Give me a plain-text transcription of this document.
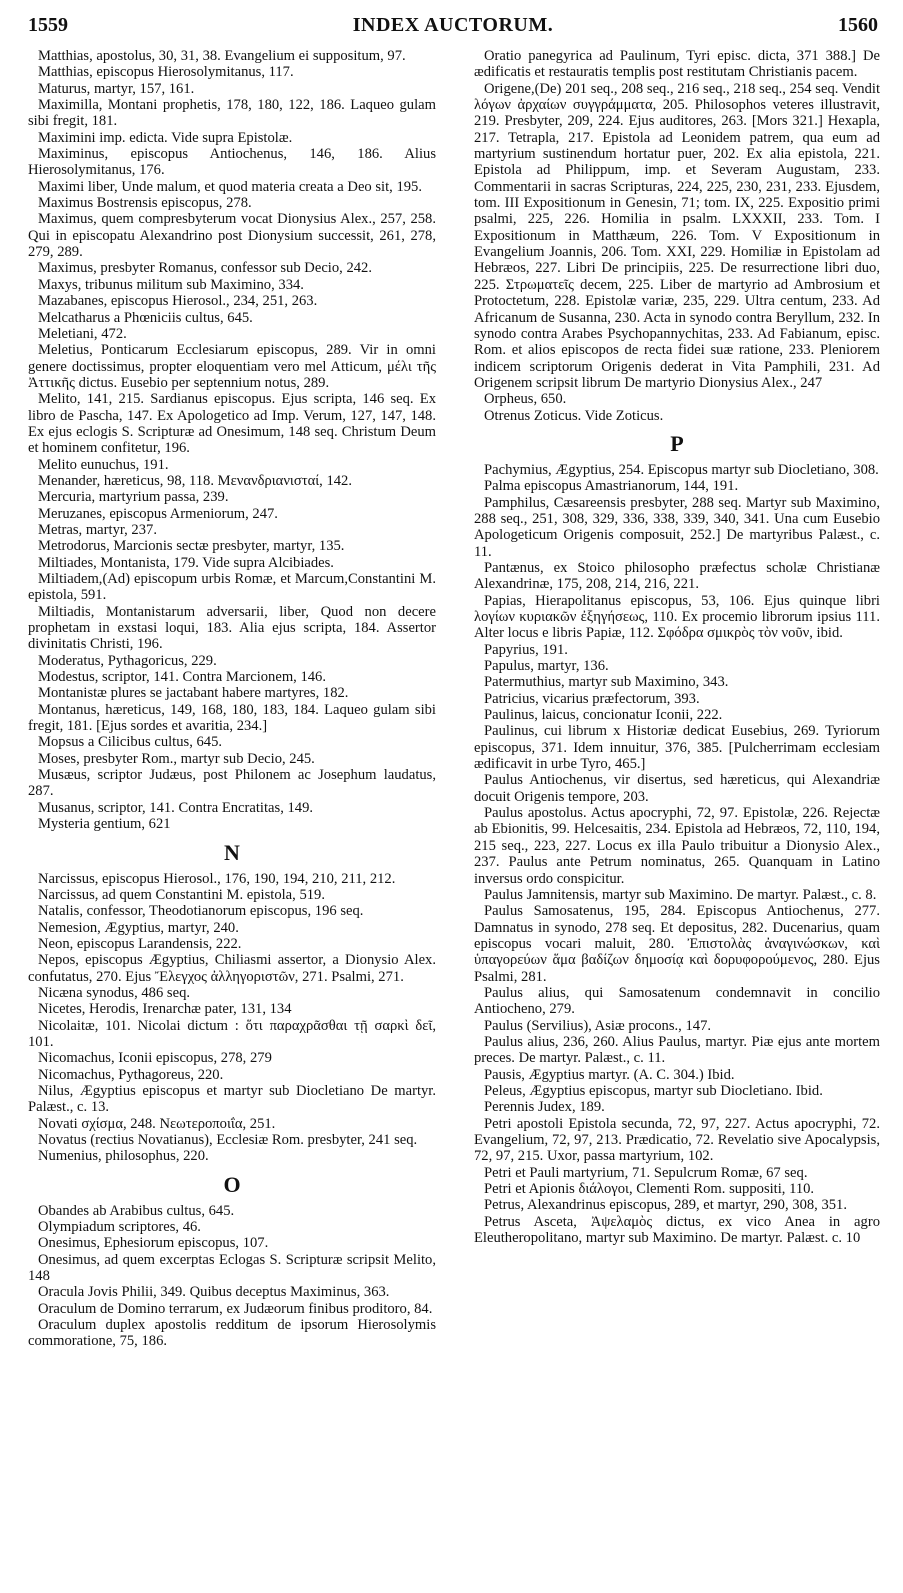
1559	INDEX AUCTORUM.	1560

Matthias, apostolus, 30, 31, 38. Evangelium ei suppositum, 97.

Matthias, episcopus Hierosolymitanus, 117.

Maturus, martyr, 157, 161.

Maximilla, Montani prophetis, 178, 180, 122, 186. Laqueo gulam sibi fregit, 181.

Maximini imp. edicta. Vide supra Epistolæ.

Maximinus, episcopus Antiochenus, 146, 186. Alius Hierosolymitanus, 176.

Maximi liber, Unde malum, et quod materia creata a Deo sit, 195.

Maximus Bostrensis episcopus, 278.

Maximus, quem compresbyterum vocat Dionysius Alex., 257, 258. Qui in episcopatu Alexandrino post Dionysium successit, 261, 278, 279, 289.

Maximus, presbyter Romanus, confessor sub Decio, 242.

Maxys, tribunus militum sub Maximino, 334.

Mazabanes, episcopus Hierosol., 234, 251, 263.

Melcatharus a Phœniciis cultus, 645.

Meletiani, 472.

Meletius, Ponticarum Ecclesiarum episcopus, 289. Vir in omni genere doctissimus, propter eloquentiam vero mel Atticum, μέλι τῆς Ἀττικῆς dictus. Eusebio per septennium notus, 289.

Melito, 141, 215. Sardianus episcopus. Ejus scripta, 146 seq. Ex libro de Pascha, 147. Ex Apologetico ad Imp. Verum, 127, 147, 148. Ex ejus eclogis S. Scripturæ ad Onesimum, 148 seq. Christum Deum et hominem confitetur, 196.

Melito eunuchus, 191.

Menander, hæreticus, 98, 118. Μενανδριανισταί, 142.

Mercuria, martyrium passa, 239.

Meruzanes, episcopus Armeniorum, 247.

Metras, martyr, 237.

Metrodorus, Marcionis sectæ presbyter, martyr, 135.

Miltiades, Montanista, 179. Vide supra Alcibiades.

Miltiadem,(Ad) episcopum urbis Romæ, et Marcum,Constantini M. epistola, 591.

Miltiadis, Montanistarum adversarii, liber, Quod non decere prophetam in exstasi loqui, 183. Alia ejus scripta, 184. Assertor divinitatis Christi, 196.

Moderatus, Pythagoricus, 229.

Modestus, scriptor, 141. Contra Marcionem, 146.

Montanistæ plures se jactabant habere martyres, 182.

Montanus, hæreticus, 149, 168, 180, 183, 184. Laqueo gulam sibi fregit, 181. [Ejus sordes et avaritia, 234.]

Mopsus a Cilicibus cultus, 645.

Moses, presbyter Rom., martyr sub Decio, 245.

Musæus, scriptor Judæus, post Philonem ac Josephum laudatus, 287.

Musanus, scriptor, 141. Contra Encratitas, 149.

Mysteria gentium, 621

N

Narcissus, episcopus Hierosol., 176, 190, 194, 210, 211, 212.

Narcissus, ad quem Constantini M. epistola, 519.

Natalis, confessor, Theodotianorum episcopus, 196 seq.

Nemesion, Ægyptius, martyr, 240.

Neon, episcopus Larandensis, 222.

Nepos, episcopus Ægyptius, Chiliasmi assertor, a Dionysio Alex. confutatus, 270. Ejus Ἔλεγχος ἀλληγοριστῶν, 271. Psalmi, 271.

Nicæna synodus, 486 seq.

Nicetes, Herodis, Irenarchæ pater, 131, 134

Nicolaitæ, 101. Nicolai dictum : ὅτι παραχρᾶσθαι τῇ σαρκὶ δεῖ, 101.

Nicomachus, Iconii episcopus, 278, 279

Nicomachus, Pythagoreus, 220.

Nilus, Ægyptius episcopus et martyr sub Diocletiano De martyr. Palæst., c. 13.

Novati σχίσμα, 248. Νεωτεροποιΐα, 251.

Novatus (rectius Novatianus), Ecclesiæ Rom. presbyter, 241 seq.

Numenius, philosophus, 220.

O

Obandes ab Arabibus cultus, 645.

Olympiadum scriptores, 46.

Onesimus, Ephesiorum episcopus, 107.

Onesimus, ad quem excerptas Eclogas S. Scripturæ scripsit Melito, 148

Oracula Jovis Philii, 349. Quibus deceptus Maximinus, 363.

Oraculum de Domino terrarum, ex Judæorum finibus proditoro, 84.

Oraculum duplex apostolis redditum de ipsorum Hierosolymis commoratione, 75, 186.

Oratio panegyrica ad Paulinum, Tyri episc. dicta, 371 388.] De ædificatis et restauratis templis post restitutam Christianis pacem.

Origene,(De) 201 seq., 208 seq., 216 seq., 218 seq., 254 seq. Vendit λόγων ἀρχαίων συγγράμματα, 205. Philosophos veteres illustravit, 219. Presbyter, 209, 224. Ejus auditores, 263. [Mors 321.] Hexapla, 217. Tetrapla, 217. Epistola ad Leonidem patrem, qua eum ad martyrium sustinendum hortatur puer, 202. Ex alia epistola, 221. Epistola ad Philippum, imp. et Severam Augustam, 233. Commentarii in sacras Scripturas, 224, 225, 230, 231, 233. Ejusdem, tom. III Expositionum in Genesin, 71; tom. IX, 225. Expositio primi psalmi, 225, 226. Homilia in psalm. LXXXII, 233. Tom. I Expositionum in Matthæum, 226. Tom. V Expositionum in Evangelium Joannis, 206. Tom. XXI, 229. Homiliæ in Epistolam ad Hebræos, 227. Libri De principiis, 225. De resurrectione libri duo, 225. Στρωματεῖς decem, 225. Liber de martyrio ad Ambrosium et Protoctetum, 228. Epistolæ variæ, 235, 229. Ultra centum, 233. Ad Africanum de Susanna, 230. Acta in synodo contra Beryllum, 232. In synodo contra Arabes Psychopannychitas, 233. Ad Fabianum, episc. Rom. et alios episcopos de recta fidei suæ ratione, 233. Pleniorem indicem scriptorum Origenis dederat in Vita Pamphili, 231. Ad Origenem scripsit librum De martyrio Dionysius Alex., 247

Orpheus, 650.

Otrenus Zoticus. Vide Zoticus.

P

Pachymius, Ægyptius, 254. Episcopus martyr sub Diocletiano, 308.

Palma episcopus Amastrianorum, 144, 191.

Pamphilus, Cæsareensis presbyter, 288 seq. Martyr sub Maximino, 288 seq., 251, 308, 329, 336, 338, 339, 340, 341. Una cum Eusebio Apologeticum Origenis composuit, 252.] De martyribus Palæst., c. 11.

Pantænus, ex Stoico philosopho præfectus scholæ Christianæ Alexandrinæ, 175, 208, 214, 216, 221.

Papias, Hierapolitanus episcopus, 53, 106. Ejus quinque libri λογίων κυριακῶν ἐξηγήσεως, 110. Ex procemio librorum ipsius 111. Alter locus e libris Papiæ, 112. Σφόδρα σμικρὸς τὸν νοῦν, ibid.

Papyrius, 191.

Papulus, martyr, 136.

Patermuthius, martyr sub Maximino, 343.

Patricius, vicarius præfectorum, 393.

Paulinus, laicus, concionatur Iconii, 222.

Paulinus, cui librum x Historiæ dedicat Eusebius, 269. Tyriorum episcopus, 371. Idem innuitur, 376, 385. [Pulcherrimam ecclesiam ædificavit in urbe Tyro, 465.]

Paulus Antiochenus, vir disertus, sed hæreticus, qui Alexandriæ docuit Origenis tempore, 203.

Paulus apostolus. Actus apocryphi, 72, 97. Epistolæ, 226. Rejectæ ab Ebionitis, 99. Helcesaitis, 234. Epistola ad Hebræos, 72, 110, 194, 215 seq., 223, 227. Locus ex illa Paulo tribuitur a Dionysio Alex., 237. Paulus ante Petrum nominatus, 265. Quanquam in Latino inversus ordo conspicitur.

Paulus Jamnitensis, martyr sub Maximino. De martyr. Palæst., c. 8.

Paulus Samosatenus, 195, 284. Episcopus Antiochenus, 277. Damnatus in synodo, 278 seq. Et depositus, 282. Ducenarius, quam episcopus vocari maluit, 280. Ἐπιστολὰς ἀναγινώσκων, καὶ ὑπαγορεύων ἅμα βαδίζων δημοσίᾳ καὶ δορυφορούμενος, 280. Ejus Psalmi, 281.

Paulus alius, qui Samosatenum condemnavit in concilio Antiocheno, 279.

Paulus (Servilius), Asiæ procons., 147.

Paulus alius, 236, 260. Alius Paulus, martyr. Piæ ejus ante mortem preces. De martyr. Palæst., c. 11.

Pausis, Ægyptius martyr. (A. C. 304.) Ibid.

Peleus, Ægyptius episcopus, martyr sub Diocletiano. Ibid.

Perennis Judex, 189.

Petri apostoli Epistola secunda, 72, 97, 227. Actus apocryphi, 72. Evangelium, 72, 97, 213. Prædicatio, 72. Revelatio sive Apocalypsis, 72, 97, 215. Uxor, passa martyrium, 102.

Petri et Pauli martyrium, 71. Sepulcrum Romæ, 67 seq.

Petri et Apionis διάλογοι, Clementi Rom. suppositi, 110.

Petrus, Alexandrinus episcopus, 289, et martyr, 290, 308, 351.

Petrus Asceta, Ἀψελαμὸς dictus, ex vico Anea in agro Eleutheropolitano, martyr sub Maximino. De martyr. Palæst. c. 10
